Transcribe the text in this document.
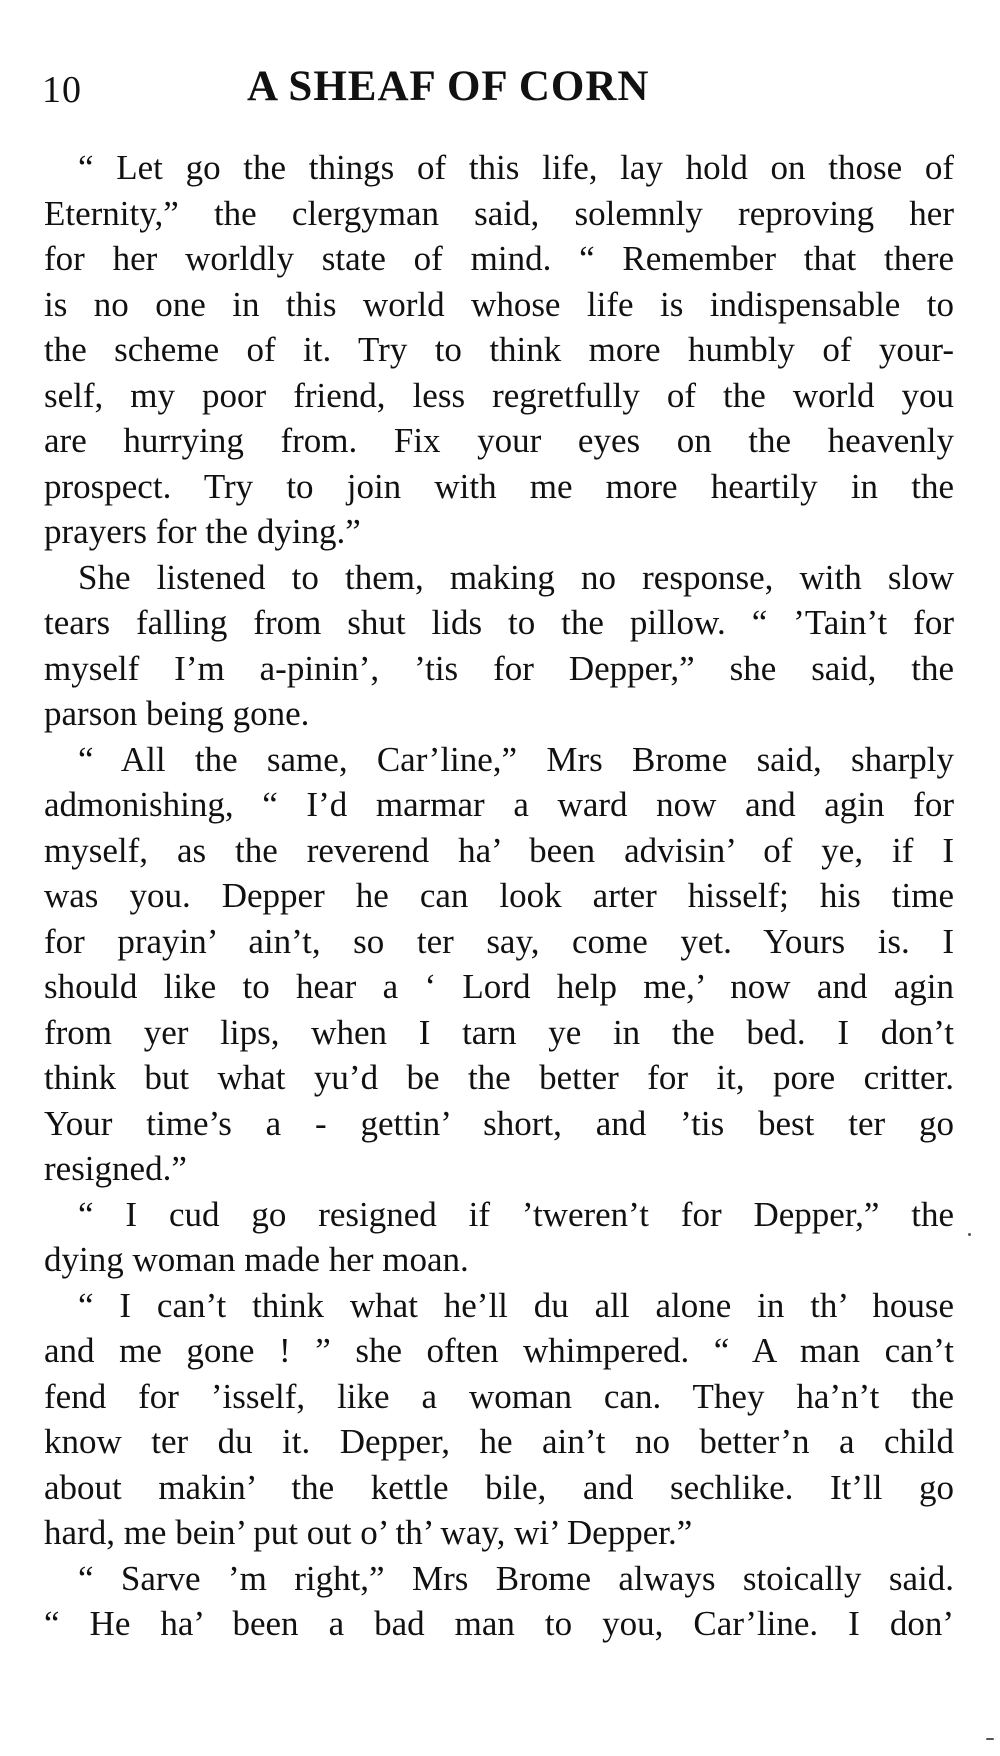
10	A SHEAF OF CORN
“ Let go the things of this life, lay hold on those of
Eternity,” the clergyman said, solemnly reproving her
for her worldly state of mind. “ Remember that there
is no one in this world whose life is indispensable to
the scheme of it. Try to think more humbly of your-
self, my poor friend, less regretfully of the world you
are hurrying from. Fix your eyes on the heavenly
prospect. Try to join with me more heartily in the
prayers for the dying.”
She listened to them, making no response, with slow
tears falling from shut lids to the pillow. “ ’Tain’t for
myself I’m a-pinin’, ’tis for Depper,” she said, the
parson being gone.
“ All the same, Car’line,” Mrs Brome said, sharply
admonishing, “ I’d marmar a ward now and agin for
myself, as the reverend ha’ been advisin’ of ye, if I
was you. Depper he can look arter hisself; his time
for prayin’ ain’t, so ter say, come yet. Yours is. I
should like to hear a ‘ Lord help me,’ now and agin
from yer lips, when I tarn ye in the bed. I don’t
think but what yu’d be the better for it, pore critter.
Your time’s a - gettin’ short, and ’tis best ter go
resigned.”
“ I cud go resigned if ’tweren’t for Depper,” the
dying woman made her moan.
“ I can’t think what he’ll du all alone in th’ house
and me gone ! ” she often whimpered. “ A man can’t
fend for ’isself, like a woman can. They ha’n’t the
know ter du it. Depper, he ain’t no better’n a child
about makin’ the kettle bile, and sechlike. It’ll go
hard, me bein’ put out o’ th’ way, wi’ Depper.”
“ Sarve ’m right,” Mrs Brome always stoically said.
“ He ha’ been a bad man to you, Car’line. I don’
